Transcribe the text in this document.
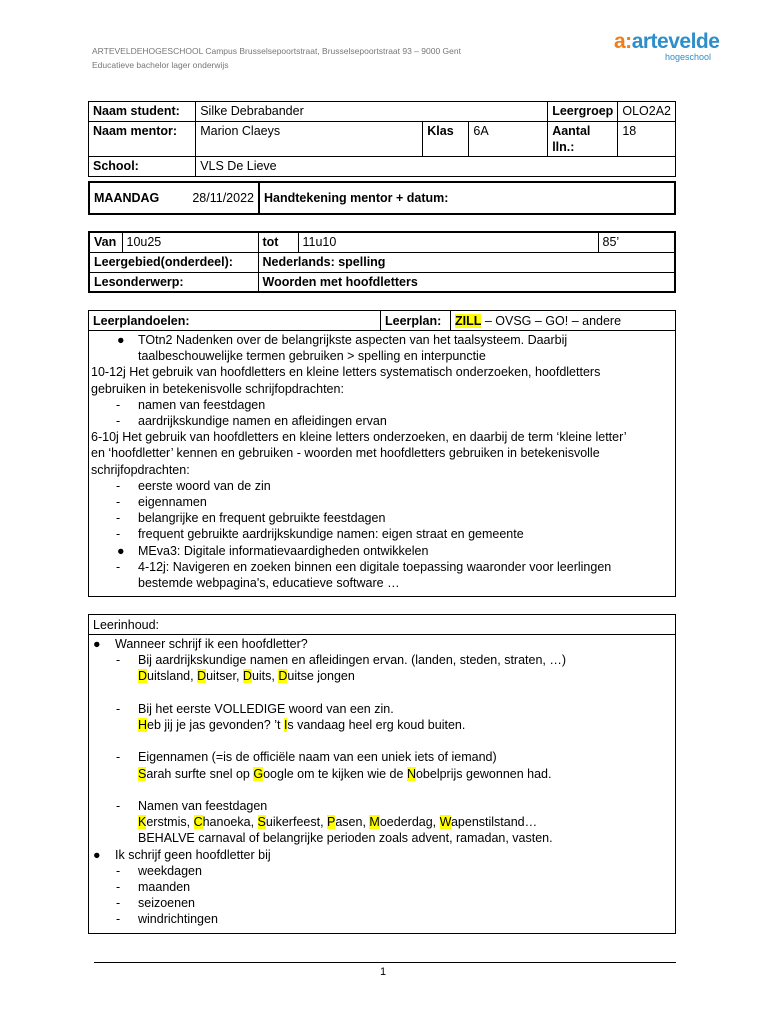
ARTEVELDEHOGESCHOOL Campus Brusselsepoortstraat, Brusselsepoortstraat 93 – 9000 Gent
Educatieve bachelor lager onderwijs
a:artevelde
hogeschool
Naam student:	Silke Debrabander			Leergroep	OLO2A2
Naam mentor:	Marion Claeys	Klas	6A	Aantal lln.:	18
School:	VLS De Lieve				
MAANDAG	28/11/2022	Handtekening mentor + datum:
Van	10u25	tot	11u10	85’
Leergebied(onderdeel):		Nederlands: spelling		
Lesonderwerp:		Woorden met hoofdletters		
Leerplandoelen:	Leerplan:	ZILL – OVSG – GO! – andere
● TOtn2 Nadenken over de belangrijkste aspecten van het taalsysteem. Daarbij
taalbeschouwelijke termen gebruiken > spelling en interpunctie
10-12j Het gebruik van hoofdletters en kleine letters systematisch onderzoeken, hoofdletters
gebruiken in betekenisvolle schrijfopdrachten:
- namen van feestdagen
- aardrijkskundige namen en afleidingen ervan
6-10j Het gebruik van hoofdletters en kleine letters onderzoeken, en daarbij de term ‘kleine letter’
en ‘hoofdletter’ kennen en gebruiken - woorden met hoofdletters gebruiken in betekenisvolle
schrijfopdrachten:
- eerste woord van de zin
- eigennamen
- belangrijke en frequent gebruikte feestdagen
- frequent gebruikte aardrijkskundige namen: eigen straat en gemeente
● MEva3: Digitale informatievaardigheden ontwikkelen
- 4-12j: Navigeren en zoeken binnen een digitale toepassing waaronder voor leerlingen
bestemde webpagina's, educatieve software …
Leerinhoud:
● Wanneer schrijf ik een hoofdletter?
- Bij aardrijkskundige namen en afleidingen ervan. (landen, steden, straten, …)
Duitsland, Duitser, Duits, Duitse jongen

- Bij het eerste VOLLEDIGE woord van een zin.
Heb jij je jas gevonden? ’t Is vandaag heel erg koud buiten.

- Eigennamen (=is de officiële naam van een uniek iets of iemand)
Sarah surfte snel op Google om te kijken wie de Nobelprijs gewonnen had.

- Namen van feestdagen
Kerstmis, Chanoeka, Suikerfeest, Pasen, Moederdag, Wapenstilstand…
BEHALVE carnaval of belangrijke perioden zoals advent, ramadan, vasten.
● Ik schrijf geen hoofdletter bij
- weekdagen
- maanden
- seizoenen
- windrichtingen
1
